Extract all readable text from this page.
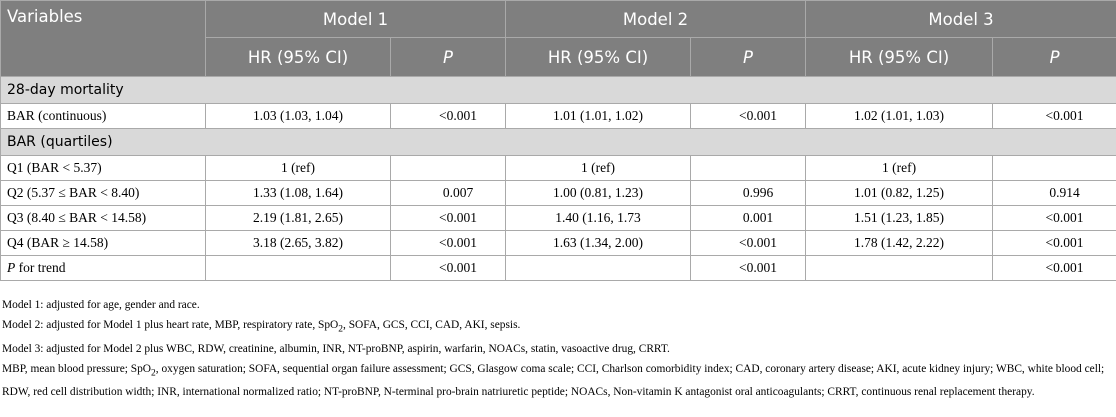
Variables	Model 1		Model 2		Model 3	
	HR (95% CI)	P	HR (95% CI)	P	HR (95% CI)	P
28-day mortality						
BAR (continuous)	1.03 (1.03, 1.04)	<0.001	1.01 (1.01, 1.02)	<0.001	1.02 (1.01, 1.03)	<0.001
BAR (quartiles)						
Q1 (BAR < 5.37)	1 (ref)		1 (ref)		1 (ref)	
Q2 (5.37 ≤ BAR < 8.40)	1.33 (1.08, 1.64)	0.007	1.00 (0.81, 1.23)	0.996	1.01 (0.82, 1.25)	0.914
Q3 (8.40 ≤ BAR < 14.58)	2.19 (1.81, 2.65)	<0.001	1.40 (1.16, 1.73	0.001	1.51 (1.23, 1.85)	<0.001
Q4 (BAR ≥ 14.58)	3.18 (2.65, 3.82)	<0.001	1.63 (1.34, 2.00)	<0.001	1.78 (1.42, 2.22)	<0.001
P for trend		<0.001		<0.001		<0.001

Model 1: adjusted for age, gender and race.

Model 2: adjusted for Model 1 plus heart rate, MBP, respiratory rate, SpO$_2$, SOFA, GCS, CCI, CAD, AKI, sepsis.

Model 3: adjusted for Model 2 plus WBC, RDW, creatinine, albumin, INR, NT-proBNP, aspirin, warfarin, NOACs, statin, vasoactive drug, CRRT.

MBP, mean blood pressure; SpO$_2$, oxygen saturation; SOFA, sequential organ failure assessment; GCS, Glasgow coma scale; CCI, Charlson comorbidity index; CAD, coronary artery disease; AKI, acute kidney injury; WBC, white blood cell; RDW, red cell distribution width; INR, international normalized ratio; NT-proBNP, N-terminal pro-brain natriuretic peptide; NOACs, Non-vitamin K antagonist oral anticoagulants; CRRT, continuous renal replacement therapy.
